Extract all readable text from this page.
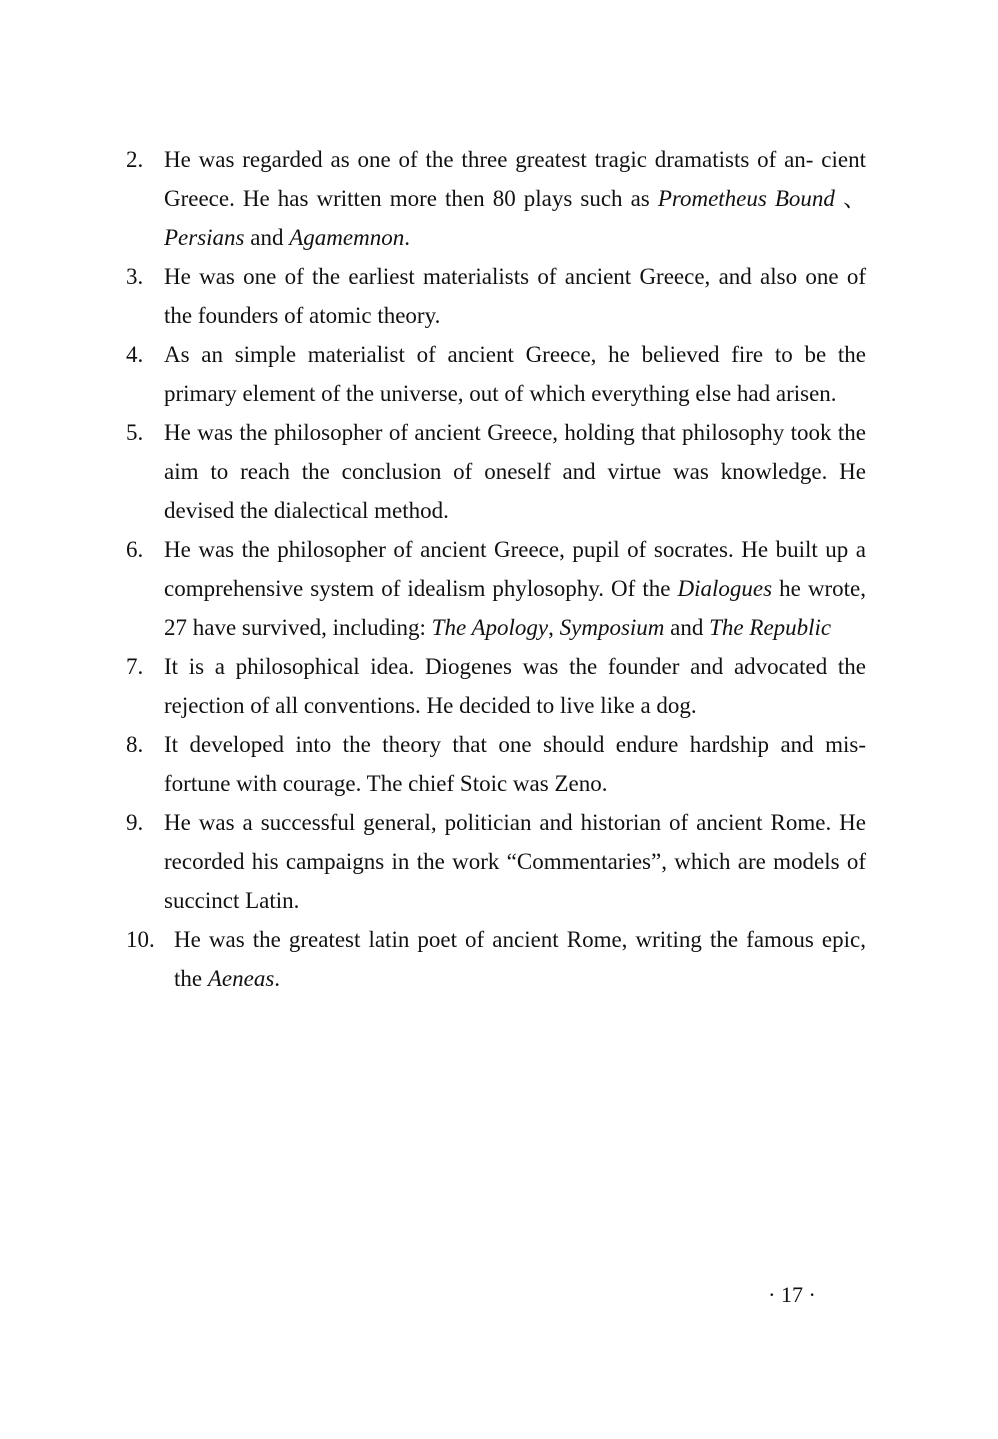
2. He was regarded as one of the three greatest tragic dramatists of an- cient Greece. He has written more then 80 plays such as Prometheus Bound 、Persians and Agamemnon.
3. He was one of the earliest materialists of ancient Greece, and also one of the founders of atomic theory.
4. As an simple materialist of ancient Greece, he believed fire to be the primary element of the universe, out of which everything else had arisen.
5. He was the philosopher of ancient Greece, holding that philosophy took the aim to reach the conclusion of oneself and virtue was knowledge. He devised the dialectical method.
6. He was the philosopher of ancient Greece, pupil of socrates. He built up a comprehensive system of idealism phylosophy. Of the Dialogues he wrote, 27 have survived, including: The Apology, Symposium and The Republic
7. It is a philosophical idea. Diogenes was the founder and advocated the rejection of all conventions. He decided to live like a dog.
8. It developed into the theory that one should endure hardship and mis- fortune with courage. The chief Stoic was Zeno.
9. He was a successful general, politician and historian of ancient Rome. He recorded his campaigns in the work “Commentaries”, which are models of succinct Latin.
10. He was the greatest latin poet of ancient Rome, writing the famous epic, the Aeneas.
· 17 ·
